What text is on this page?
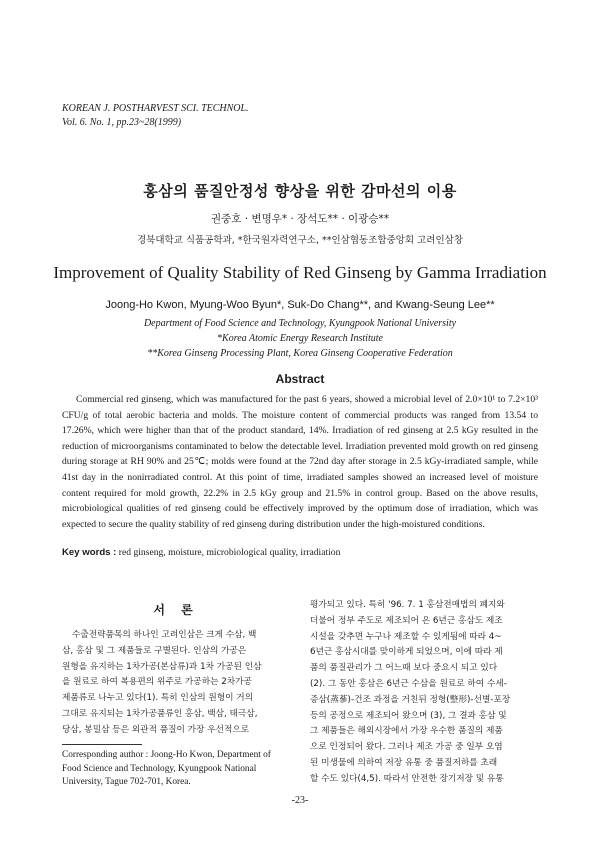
KOREAN J. POSTHARVEST SCI. TECHNOL.
Vol. 6. No. 1, pp.23~28(1999)
홍삼의 품질안정성 향상을 위한 감마선의 이용
권중호 · 변명우* · 장석도** · 이광승**
경북대학교 식품공학과, *한국원자력연구소, **인삼협동조합중앙회 고려인삼창
Improvement of Quality Stability of Red Ginseng by Gamma Irradiation
Joong-Ho Kwon, Myung-Woo Byun*, Suk-Do Chang**, and Kwang-Seung Lee**
Department of Food Science and Technology, Kyungpook National University
*Korea Atomic Energy Research Institute
**Korea Ginseng Processing Plant, Korea Ginseng Cooperative Federation
Abstract

Commercial red ginseng, which was manufactured for the past 6 years, showed a microbial level of 2.0×10¹ to 7.2×10³ CFU/g of total aerobic bacteria and molds. The moisture content of commercial products was ranged from 13.54 to 17.26%, which were higher than that of the product standard, 14%. Irradiation of red ginseng at 2.5 kGy resulted in the reduction of microorganisms contaminated to below the detectable level. Irradiation prevented mold growth on red ginseng during storage at RH 90% and 25℃; molds were found at the 72nd day after storage in 2.5 kGy-irradiated sample, while 41st day in the nonirradiated control. At this point of time, irradiated samples showed an increased level of moisture content required for mold growth, 22.2% in 2.5 kGy group and 21.5% in control group. Based on the above results, microbiological qualities of red ginseng could be effectively improved by the optimum dose of irradiation, which was expected to secure the quality stability of red ginseng during distribution under the high-moistured conditions.

Key words : red ginseng, moisture, microbiological quality, irradiation
서 론
수출전략품목의 하나인 고려인삼은 크게 수삼, 백
삼, 홍삼 및 그 제품들로 구별된다. 인삼의 가공은
원형을 유지하는 1차가공(본삼류)과 1차 가공된 인삼
을 원료로 하여 복용편의 위주로 가공하는 2차가공
제품류로 나누고 있다(1). 특히 인삼의 원형이 거의
그대로 유지되는 1차가공품류인 홍삼, 백삼, 태극삼,
당삼, 봉밀삼 등은 외관적 품질이 가장 우선적으로
Corresponding author : Joong-Ho Kwon, Department of Food Science and Technology, Kyungpook National University, Tague 702-701, Korea.
평가되고 있다. 특히 '96. 7. 1 홍삼전매법의 폐지와
더불어 정부 주도로 제조되어 온 6년근 홍삼도 제조
시설을 갖추면 누구나 제조할 수 있게됨에 따라 4~
6년근 홍삼시대를 맞이하게 되었으며, 이에 따라 제
품의 품질관리가 그 어느때 보다 중요시 되고 있다
(2). 그 동안 홍삼은 6년근 수삼을 원료로 하여 수세-
증삼(蒸蔘)-건조 과정을 거친뒤 정형(整形)-선별-포장
등의 공정으로 제조되어 왔으며 (3), 그 결과 홍삼 및
그 제품들은 해외시장에서 가장 우수한 품질의 제품
으로 인정되어 왔다. 그러나 제조 가공 중 일부 오염
된 미생물에 의하여 저장 유통 중 품질저하를 초래
할 수도 있다(4,5). 따라서 안전한 장기저장 및 유통
-23-
